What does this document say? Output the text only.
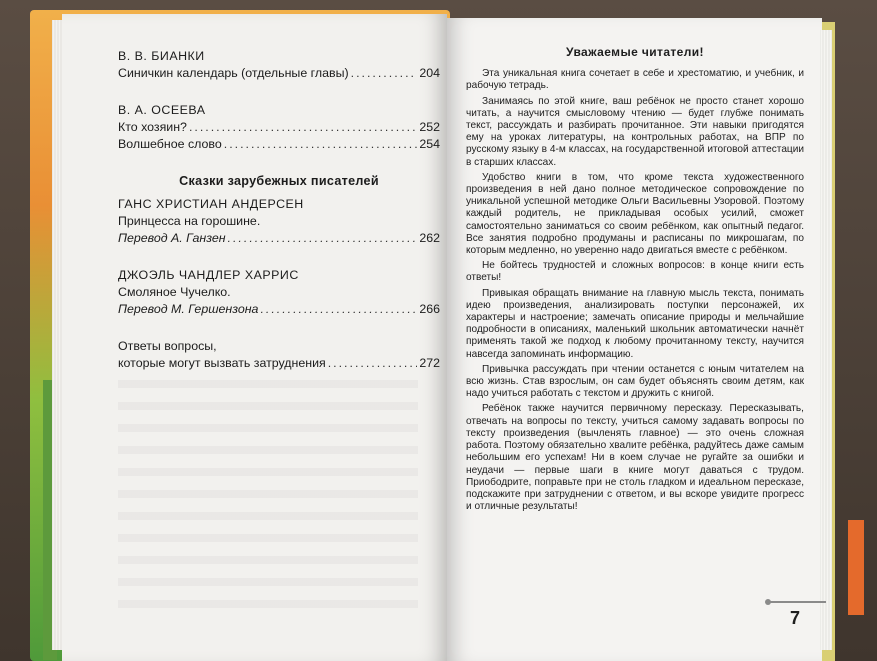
В. В. БИАНКИ
Синичкин календарь (отдельные главы) .....	204
В. А. ОСЕЕВА
Кто хозяин? .....	252
Волшебное слово .....	254
Сказки зарубежных писателей
ГАНС ХРИСТИАН АНДЕРСЕН
Принцесса на горошине.
Перевод А. Ганзен .....	262
ДЖОЭЛЬ ЧАНДЛЕР ХАРРИС
Смоляное Чучелко.
Перевод М. Гершензона .....	266
Ответы вопросы,
которые могут вызвать затруднения .....	272
Уважаемые читатели!

Эта уникальная книга сочетает в себе и хрестоматию, и учебник, и рабочую тетрадь.

Занимаясь по этой книге, ваш ребёнок не просто станет хорошо читать, а научится смысловому чтению — будет глубже понимать текст, рассуждать и разбирать прочитанное. Эти навыки пригодятся ему на уроках литературы, на контрольных работах, на ВПР по русскому языку в 4-м классах, на государственной итоговой аттестации в старших классах.

Удобство книги в том, что кроме текста художественного произведения в ней дано полное методическое сопровождение по уникальной успешной методике Ольги Васильевны Узоровой. Поэтому каждый родитель, не прикладывая особых усилий, сможет самостоятельно заниматься со своим ребёнком, как опытный педагог. Все занятия подробно продуманы и расписаны по микрошагам, по которым медленно, но уверенно надо двигаться вместе с ребёнком.

Не бойтесь трудностей и сложных вопросов: в конце книги есть ответы!

Привыкая обращать внимание на главную мысль текста, понимать идею произведения, анализировать поступки персонажей, их характеры и настроение; замечать описание природы и мельчайшие подробности в описаниях, маленький школьник автоматически начнёт применять такой же подход к любому прочитанному тексту, научится навсегда запоминать информацию.

Привычка рассуждать при чтении останется с юным читателем на всю жизнь. Став взрослым, он сам будет объяснять своим детям, как надо учиться работать с текстом и дружить с книгой.

Ребёнок также научится первичному пересказу. Пересказывать, отвечать на вопросы по тексту, учиться самому задавать вопросы по тексту произведения (вычленять главное) — это очень сложная работа. Поэтому обязательно хвалите ребёнка, радуйтесь даже самым небольшим его успехам! Ни в коем случае не ругайте за ошибки и неудачи — первые шаги в книге могут даваться с трудом. Приободрите, поправьте при не столь гладком и идеальном пересказе, подскажите при затруднении с ответом, и вы вскоре увидите прогресс и отличные результаты!

7
